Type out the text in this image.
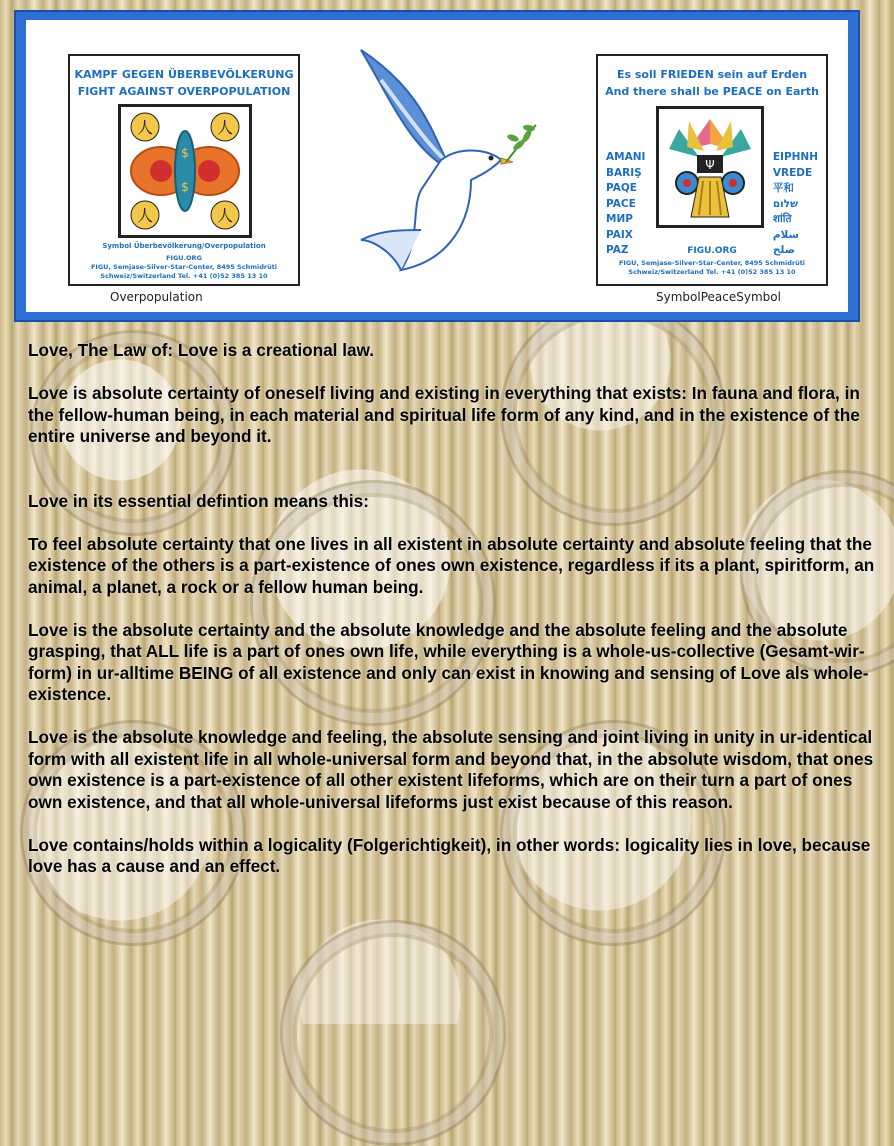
KAMPF GEGEN ÜBERBEVÖLKERUNG
FIGHT AGAINST OVERPOPULATION
人	人
人	人
$
$
Symbol Überbevölkerung/Overpopulation
FIGU.ORG
FIGU, Semjase-Silver-Star-Center, 8495 Schmidrüti
Schweiz/Switzerland Tel. +41 (0)52 385 13 10
Overpopulation
Es soll FRIEDEN sein auf Erden
And there shall be PEACE on Earth
AMANI
BARIŞ
PAQE
PACE
МИР
PAIX
PAZ
ΕΙΡΗΝΗ
VREDE
平和
שלום
शांति
سلام
صلح
Ψ
FIGU.ORG
FIGU, Semjase-Silver-Star-Center, 8495 Schmidrüti
Schweiz/Switzerland Tel. +41 (0)52 385 13 10
SymbolPeaceSymbol

Love, The Law of: Love is a creational law.

Love is absolute certainty of oneself living and existing in everything that exists: In fauna and flora, in the fellow-human being, in each material and spiritual life form of any kind, and in the existence of the entire universe and beyond it.

Love in its essential defintion means this:

To feel absolute certainty that one lives in all existent in absolute certainty and absolute feeling that the existence of the others is a part-existence of ones own existence, regardless if its a plant, spiritform, an animal, a planet, a rock or a fellow human being.

Love is the absolute certainty and the absolute knowledge and the absolute feeling and the absolute grasping, that ALL life is a part of ones own life, while everything is a whole-us-collective (Gesamt-wir-form) in ur-alltime BEING of all existence and only can exist in knowing and sensing of Love als whole-existence.

Love is the absolute knowledge and feeling, the absolute sensing and joint living in unity in ur-identical form with all existent life in all whole-universal form and beyond that, in the absolute wisdom, that ones own existence is a part-existence of all other existent lifeforms, which are on their turn a part of ones own existence, and that all whole-universal lifeforms just exist because of this reason.

Love contains/holds within a logicality (Folgerichtigkeit), in other words: logicality lies in love, because love has a cause and an effect.
